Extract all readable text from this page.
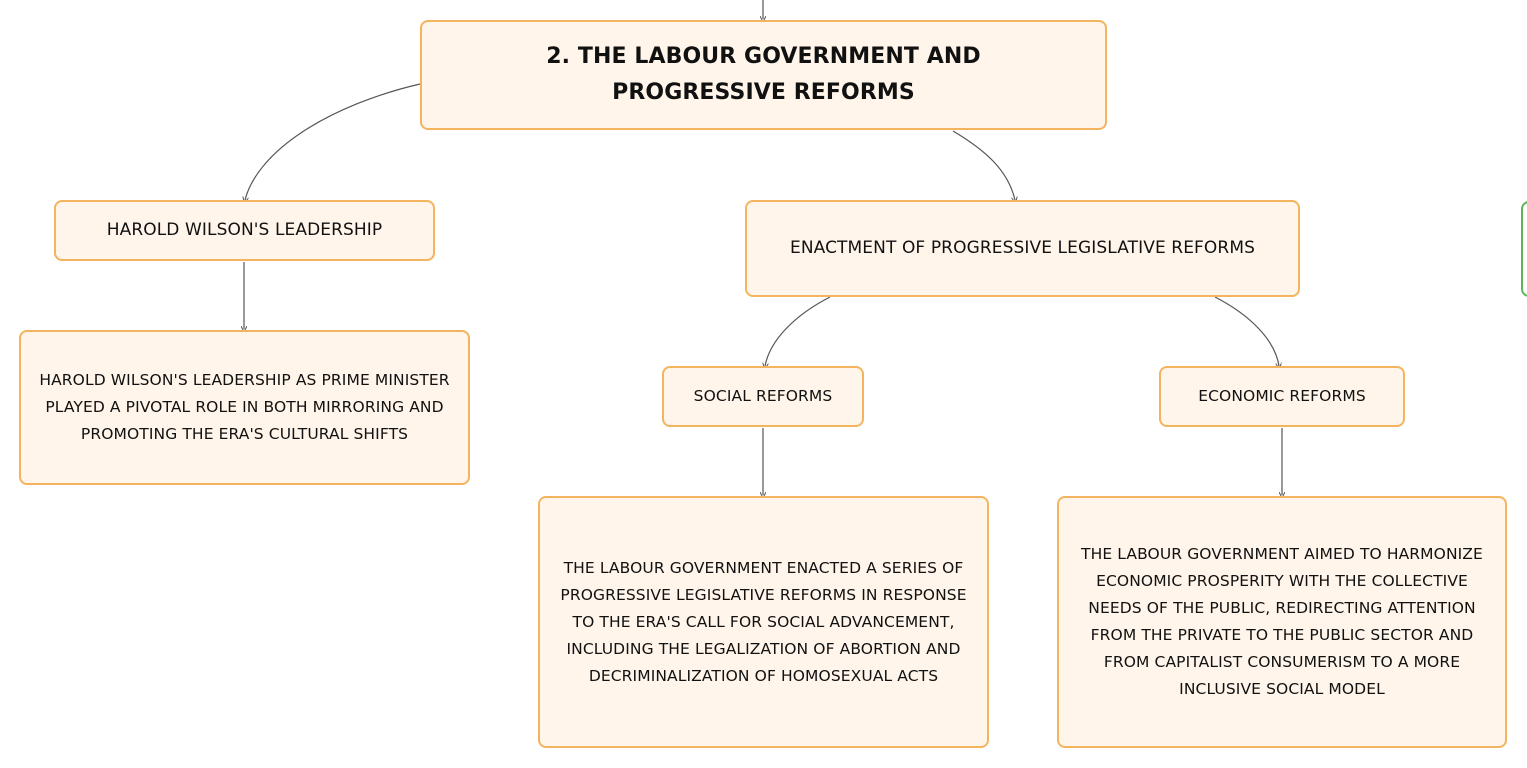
2. THE LABOUR GOVERNMENT AND PROGRESSIVE REFORMS
HAROLD WILSON'S LEADERSHIP
HAROLD WILSON'S LEADERSHIP AS PRIME MINISTER PLAYED A PIVOTAL ROLE IN BOTH MIRRORING AND PROMOTING THE ERA'S CULTURAL SHIFTS
ENACTMENT OF PROGRESSIVE LEGISLATIVE REFORMS
SOCIAL REFORMS	ECONOMIC REFORMS
THE LABOUR GOVERNMENT ENACTED A SERIES OF PROGRESSIVE LEGISLATIVE REFORMS IN RESPONSE TO THE ERA'S CALL FOR SOCIAL ADVANCEMENT, INCLUDING THE LEGALIZATION OF ABORTION AND DECRIMINALIZATION OF HOMOSEXUAL ACTS
THE LABOUR GOVERNMENT AIMED TO HARMONIZE ECONOMIC PROSPERITY WITH THE COLLECTIVE NEEDS OF THE PUBLIC, REDIRECTING ATTENTION FROM THE PRIVATE TO THE PUBLIC SECTOR AND FROM CAPITALIST CONSUMERISM TO A MORE INCLUSIVE SOCIAL MODEL
